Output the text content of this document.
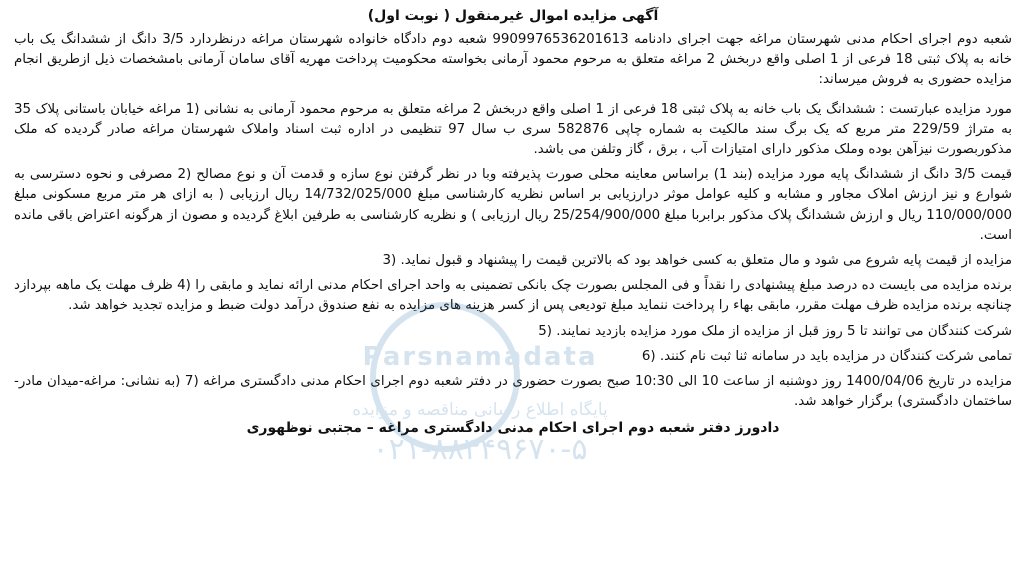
آگهی مزایده اموال غیرمنقول ( نوبت اول)

شعبه دوم اجرای احکام مدنی شهرستان مراغه جهت اجرای دادنامه 9909976536201613 شعبه دوم دادگاه خانواده شهرستان مراغه درنظردارد 3/5 دانگ از ششدانگ یک باب خانه به پلاک ثبتی 18 فرعی از 1 اصلی واقع دربخش 2 مراغه متعلق به مرحوم محمود آرمانی بخواسته محکومیت پرداخت مهریه آقای سامان آرمانی بامشخصات ذیل ازطریق انجام مزایده حضوری به فروش میرساند:

مورد مزایده عبارتست : ششدانگ یک باب خانه به پلاک ثبتی 18 فرعی از 1 اصلی واقع دربخش 2 مراغه متعلق به مرحوم محمود آرمانی به نشانی (1 مراغه خیابان باستانی پلاک 35 به متراژ 229/59 متر مربع که یک برگ سند مالکیت به شماره چاپی 582876 سری ب سال 97 تنظیمی در اداره ثبت اسناد واملاک شهرستان مراغه صادر گردیده که ملک مذکوربصورت نیزآهن بوده وملک مذکور دارای امتیازات آب ، برق ، گاز وتلفن می باشد.

قیمت 3/5 دانگ از ششدانگ پایه مورد مزایده (بند 1) براساس معاینه محلی صورت پذیرفته وبا در نظر گرفتن نوع سازه و قدمت آن و نوع مصالح (2 مصرفی و نحوه دسترسی به شوارع و نیز ارزش املاک مجاور و مشابه و کلیه عوامل موثر درارزیابی بر اساس نظریه کارشناسی مبلغ 14/732/025/000 ریال ارزیابی ( به ازای هر متر مربع مسکونی مبلغ 110/000/000 ریال و ارزش ششدانگ پلاک مذکور برابربا مبلغ 25/254/900/000 ریال ارزیابی ) و نظریه کارشناسی به طرفین ابلاغ گردیده و مصون از هرگونه اعتراض باقی مانده است.

مزایده از قیمت پایه شروع می شود و مال متعلق به کسی خواهد بود که بالاترین قیمت را پیشنهاد و قبول نماید. (3

برنده مزایده می بایست ده درصد مبلغ پیشنهادی را نقداً و فی المجلس بصورت چک بانکی تضمینی به واحد اجرای احکام مدنی ارائه نماید و مابقی را (4 ظرف مهلت یک ماهه بپردازد چنانچه برنده مزایده ظرف مهلت مقرر، مابقی بهاء را پرداخت ننماید مبلغ تودیعی پس از کسر هزینه های مزایده به نفع صندوق درآمد دولت ضبط و مزایده تجدید خواهد شد.

شرکت کنندگان می توانند تا 5 روز قبل از مزایده از ملک مورد مزایده بازدید نمایند. (5

تمامی شرکت کنندگان در مزایده باید در سامانه ثنا ثبت نام کنند. (6

مزایده در تاریخ 1400/04/06 روز دوشنبه از ساعت 10 الی 10:30 صبح بصورت حضوری در دفتر شعبه دوم اجرای احکام مدنی دادگستری مراغه (7 (به نشانی: مراغه-میدان مادر-ساختمان دادگستری) برگزار خواهد شد.

دادورز دفتر شعبه دوم اجرای احکام مدنی دادگستری مراغه – مجتبی نوظهوری

Parsnamadata
پایگاه اطلاع رسانی مناقصه و مزایده
۰۲۱-۸۸۳۴۹۶۷۰-۵
